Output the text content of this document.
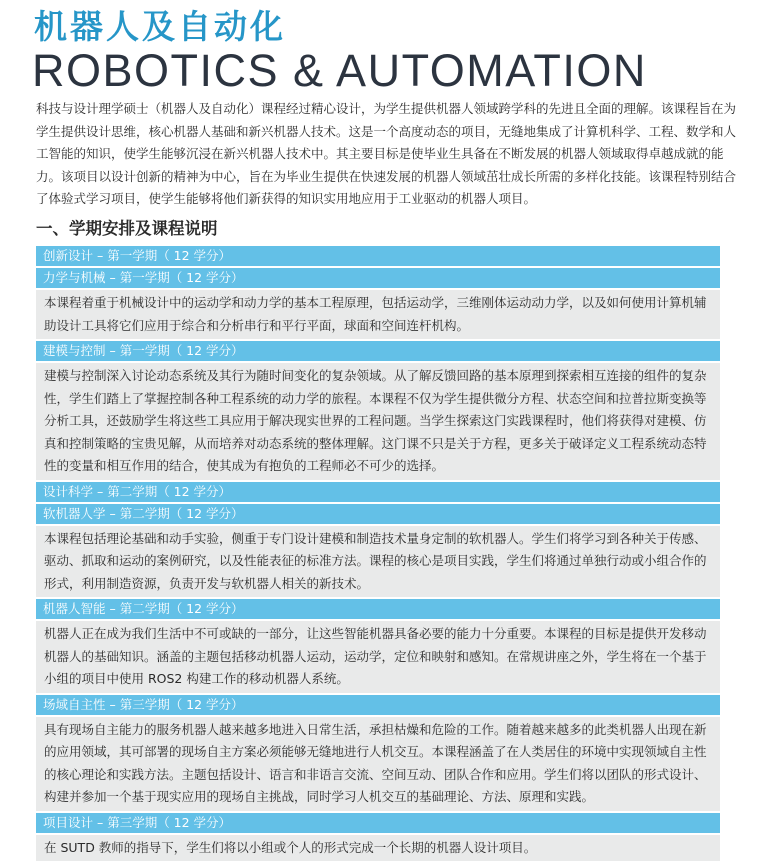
机器人及自动化
ROBOTICS & AUTOMATION

科技与设计理学硕士（机器人及自动化）课程经过精心设计，为学生提供机器人领域跨学科的先进且全面的理解。该课程旨在为学生提供设计思维，核心机器人基础和新兴机器人技术。这是一个高度动态的项目，无缝地集成了计算机科学、工程、数学和人工智能的知识，使学生能够沉浸在新兴机器人技术中。其主要目标是使毕业生具备在不断发展的机器人领域取得卓越成就的能力。该项目以设计创新的精神为中心，旨在为毕业生提供在快速发展的机器人领域茁壮成长所需的多样化技能。该课程特别结合了体验式学习项目，使学生能够将他们新获得的知识实用地应用于工业驱动的机器人项目。

一、学期安排及课程说明
创新设计 – 第一学期（ 12 学分）
力学与机械 – 第一学期（ 12 学分）

本课程着重于机械设计中的运动学和动力学的基本工程原理，包括运动学，三维刚体运动动力学，以及如何使用计算机辅助设计工具将它们应用于综合和分析串行和平行平面，球面和空间连杆机构。

建模与控制 – 第一学期（ 12 学分）

建模与控制深入讨论动态系统及其行为随时间变化的复杂领域。从了解反馈回路的基本原理到探索相互连接的组件的复杂性，学生们踏上了掌握控制各种工程系统的动力学的旅程。本课程不仅为学生提供微分方程、状态空间和拉普拉斯变换等分析工具，还鼓励学生将这些工具应用于解决现实世界的工程问题。当学生探索这门实践课程时，他们将获得对建模、仿真和控制策略的宝贵见解，从而培养对动态系统的整体理解。这门课不只是关于方程，更多关于破译定义工程系统动态特性的变量和相互作用的结合，使其成为有抱负的工程师必不可少的选择。

设计科学 – 第二学期（ 12 学分）
软机器人学 – 第二学期（ 12 学分）

本课程包括理论基础和动手实验，侧重于专门设计建模和制造技术量身定制的软机器人。学生们将学习到各种关于传感、驱动、抓取和运动的案例研究，以及性能表征的标准方法。课程的核心是项目实践，学生们将通过单独行动或小组合作的形式，利用制造资源，负责开发与软机器人相关的新技术。

机器人智能 – 第二学期（ 12 学分）

机器人正在成为我们生活中不可或缺的一部分，让这些智能机器具备必要的能力十分重要。本课程的目标是提供开发移动机器人的基础知识。涵盖的主题包括移动机器人运动，运动学，定位和映射和感知。在常规讲座之外，学生将在一个基于小组的项目中使用 ROS2 构建工作的移动机器人系统。

场域自主性 – 第三学期（ 12 学分）

具有现场自主能力的服务机器人越来越多地进入日常生活，承担枯燥和危险的工作。随着越来越多的此类机器人出现在新的应用领域，其可部署的现场自主方案必须能够无缝地进行人机交互。本课程涵盖了在人类居住的环境中实现领域自主性的核心理论和实践方法。主题包括设计、语言和非语言交流、空间互动、团队合作和应用。学生们将以团队的形式设计、构建并参加一个基于现实应用的现场自主挑战，同时学习人机交互的基础理论、方法、原理和实践。

项目设计 – 第三学期（ 12 学分）

在 SUTD 教师的指导下，学生们将以小组或个人的形式完成一个长期的机器人设计项目。
